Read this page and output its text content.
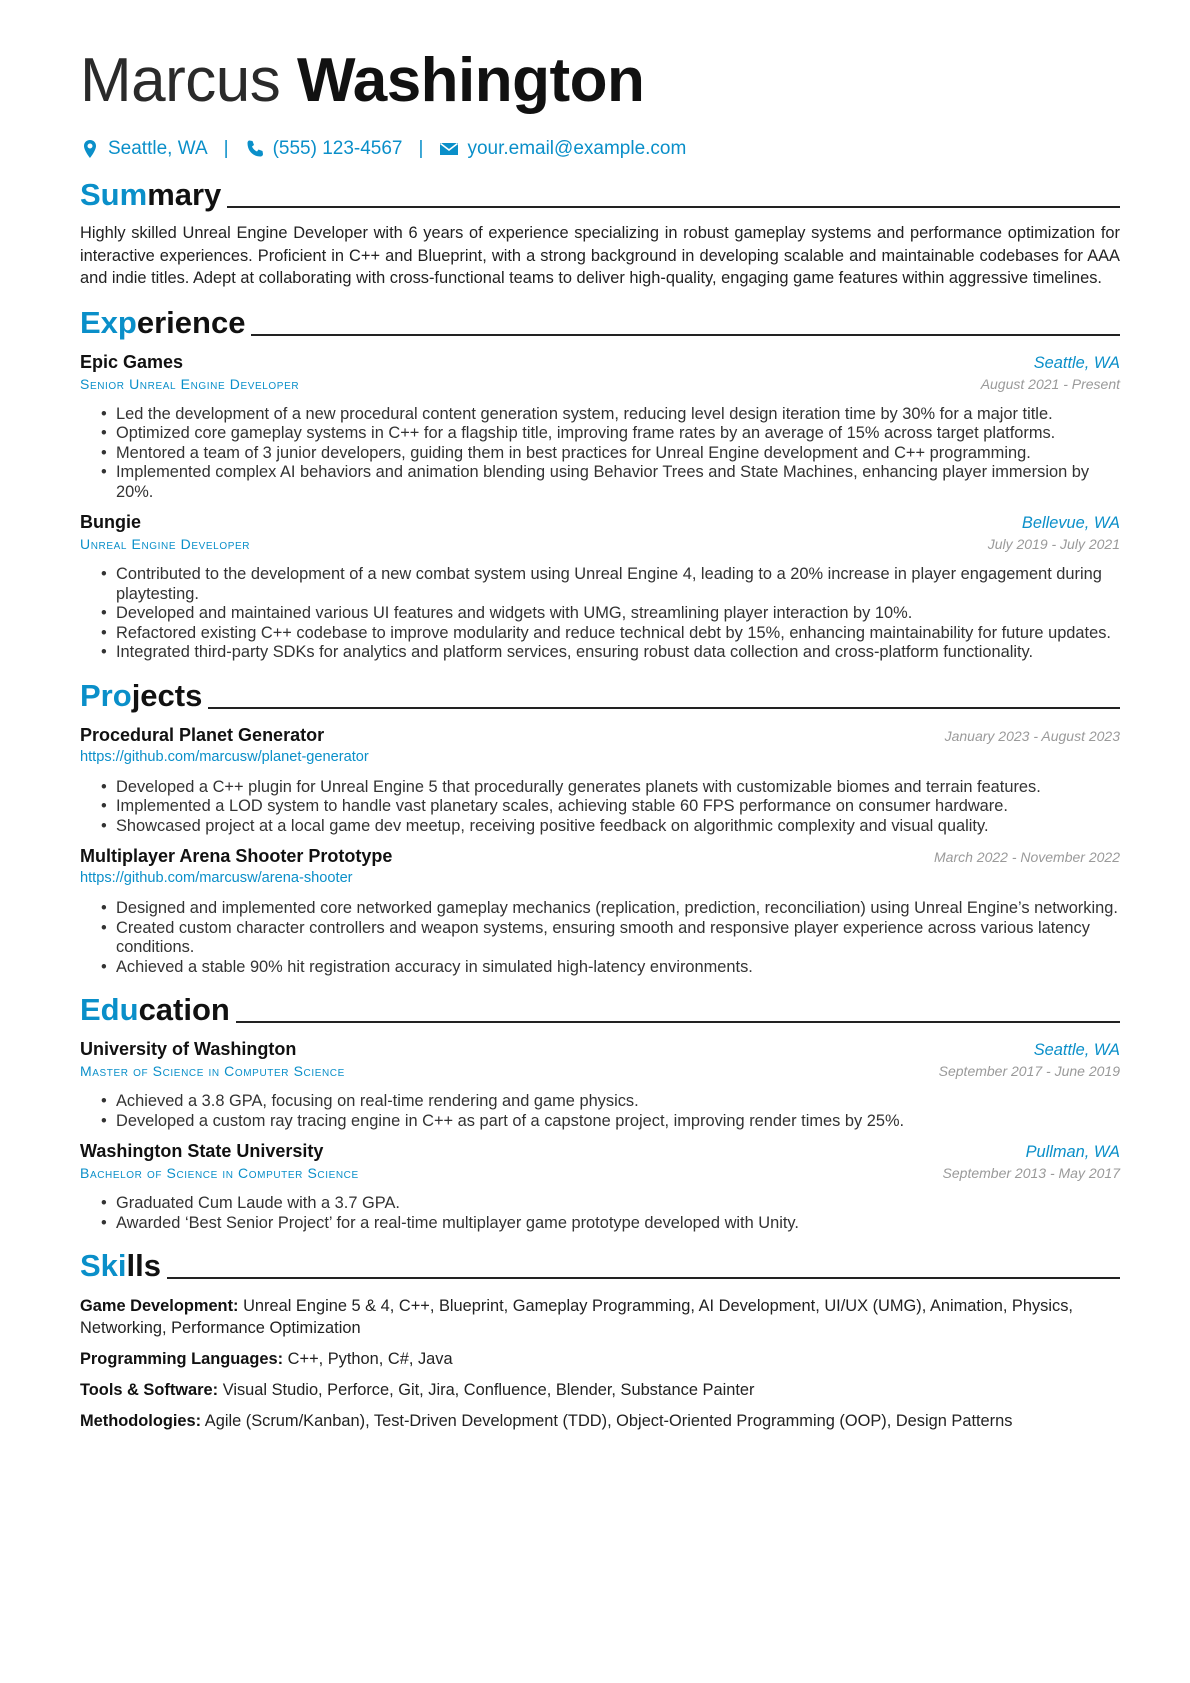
Marcus Washington
Seattle, WA | (555) 123-4567 | your.email@example.com
Summary
Highly skilled Unreal Engine Developer with 6 years of experience specializing in robust gameplay systems and performance optimization for interactive experiences. Proficient in C++ and Blueprint, with a strong background in developing scalable and maintainable codebases for AAA and indie titles. Adept at collaborating with cross-functional teams to deliver high-quality, engaging game features within aggressive timelines.
Experience
Epic Games	Seattle, WA
Senior Unreal Engine Developer	August 2021 - Present
• Led the development of a new procedural content generation system, reducing level design iteration time by 30% for a major title.
• Optimized core gameplay systems in C++ for a flagship title, improving frame rates by an average of 15% across target platforms.
• Mentored a team of 3 junior developers, guiding them in best practices for Unreal Engine development and C++ programming.
• Implemented complex AI behaviors and animation blending using Behavior Trees and State Machines, enhancing player immersion by 20%.
Bungie	Bellevue, WA
Unreal Engine Developer	July 2019 - July 2021
• Contributed to the development of a new combat system using Unreal Engine 4, leading to a 20% increase in player engagement during playtesting.
• Developed and maintained various UI features and widgets with UMG, streamlining player interaction by 10%.
• Refactored existing C++ codebase to improve modularity and reduce technical debt by 15%, enhancing maintainability for future updates.
• Integrated third-party SDKs for analytics and platform services, ensuring robust data collection and cross-platform functionality.
Projects
Procedural Planet Generator	January 2023 - August 2023
https://github.com/marcusw/planet-generator
• Developed a C++ plugin for Unreal Engine 5 that procedurally generates planets with customizable biomes and terrain features.
• Implemented a LOD system to handle vast planetary scales, achieving stable 60 FPS performance on consumer hardware.
• Showcased project at a local game dev meetup, receiving positive feedback on algorithmic complexity and visual quality.
Multiplayer Arena Shooter Prototype	March 2022 - November 2022
https://github.com/marcusw/arena-shooter
• Designed and implemented core networked gameplay mechanics (replication, prediction, reconciliation) using Unreal Engine’s networking.
• Created custom character controllers and weapon systems, ensuring smooth and responsive player experience across various latency conditions.
• Achieved a stable 90% hit registration accuracy in simulated high-latency environments.
Education
University of Washington	Seattle, WA
Master of Science in Computer Science	September 2017 - June 2019
• Achieved a 3.8 GPA, focusing on real-time rendering and game physics.
• Developed a custom ray tracing engine in C++ as part of a capstone project, improving render times by 25%.
Washington State University	Pullman, WA
Bachelor of Science in Computer Science	September 2013 - May 2017
• Graduated Cum Laude with a 3.7 GPA.
• Awarded ‘Best Senior Project’ for a real-time multiplayer game prototype developed with Unity.
Skills
Game Development: Unreal Engine 5 & 4, C++, Blueprint, Gameplay Programming, AI Development, UI/UX (UMG), Animation, Physics, Networking, Performance Optimization
Programming Languages: C++, Python, C#, Java
Tools & Software: Visual Studio, Perforce, Git, Jira, Confluence, Blender, Substance Painter
Methodologies: Agile (Scrum/Kanban), Test-Driven Development (TDD), Object-Oriented Programming (OOP), Design Patterns
